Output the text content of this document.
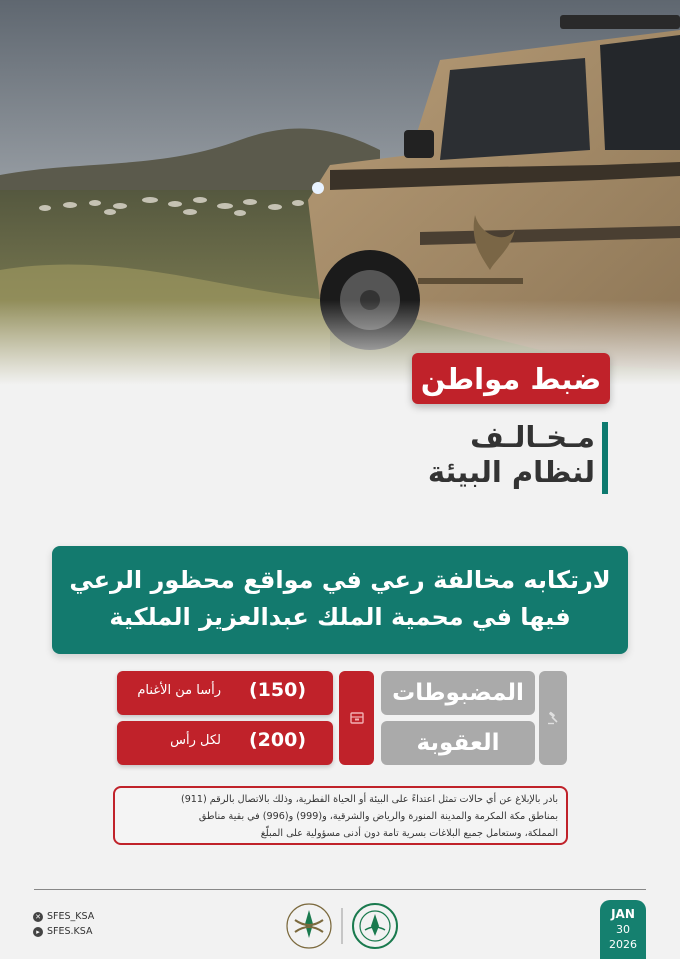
ضبط مواطن
مـخـالـف
لنظام البيئة
لارتكابه مخالفة رعي في مواقع محظور الرعي
فيها في محمية الملك عبدالعزيز الملكية
(150)
رأسا من الأغنام
(200)
لكل رأس
المضبوطات
العقوبة
بادر بالإبلاغ عن أي حالات تمثل اعتداءً على البيئة أو الحياة الفطرية، وذلك بالاتصال بالرقم (911)
بمناطق مكة المكرمة والمدينة المنورة والرياض والشرقية، و(999) و(996) في بقية مناطق
المملكة، وستعامل جميع البلاغات بسرية تامة دون أدنى مسؤولية على المبلّغ
✕ SFES_KSA
▸ SFES.KSA
JAN
30
2026
